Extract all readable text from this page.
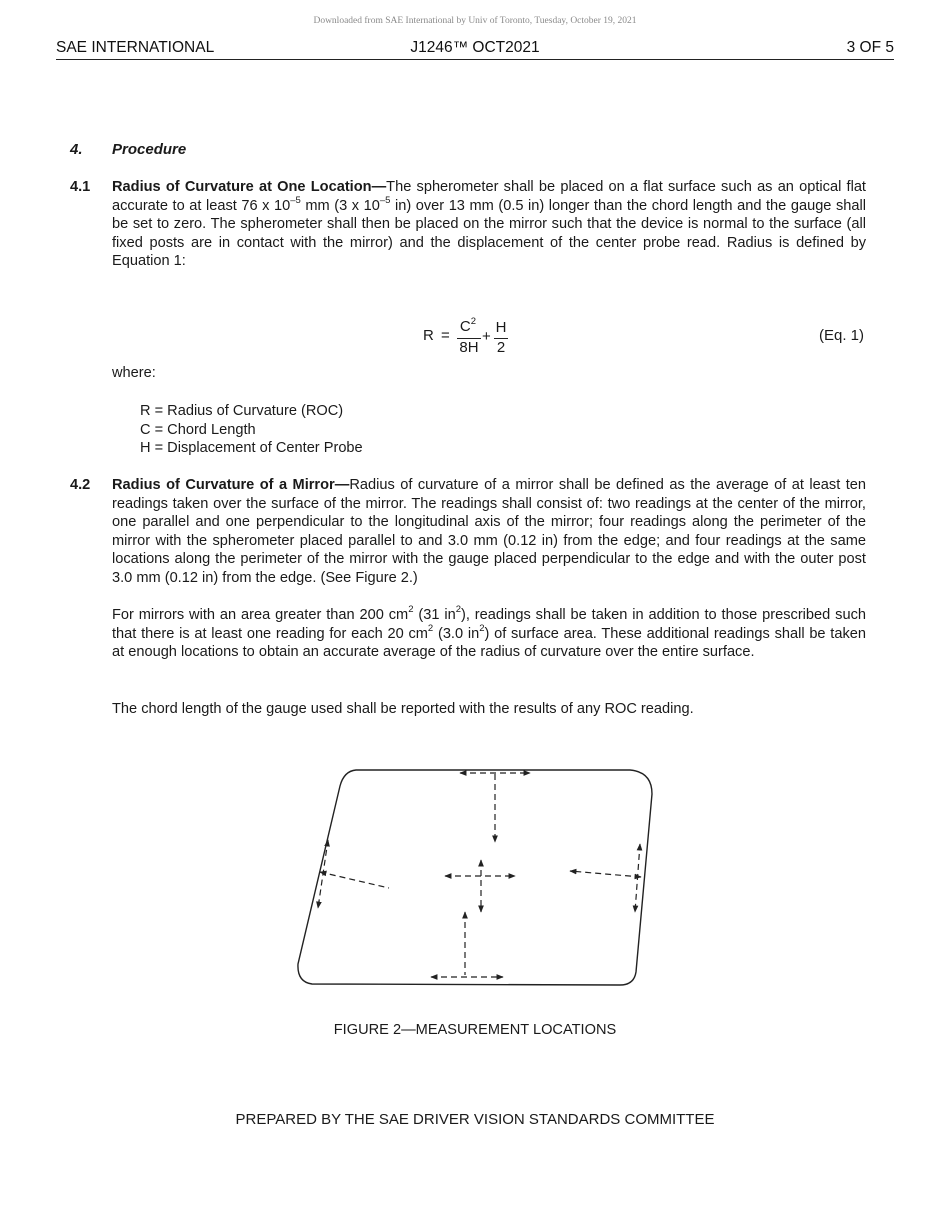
Downloaded from SAE International by Univ of Toronto, Tuesday, October 19, 2021
SAE INTERNATIONAL	J1246™ OCT2021	3 OF 5
4. Procedure
4.1 Radius of Curvature at One Location—The spherometer shall be placed on a flat surface such as an optical flat accurate to at least 76 x $10^{-5}$ mm (3 x $10^{-5}$ in) over 13 mm (0.5 in) longer than the chord length and the gauge shall be set to zero. The spherometer shall then be placed on the mirror such that the device is normal to the surface (all fixed posts are in contact with the mirror) and the displacement of the center probe read. Radius is defined by Equation 1:
R =
$C^2$
8H
+
H
2
(Eq. 1)
where:
R = Radius of Curvature (ROC)
C = Chord Length
H = Displacement of Center Probe
4.2 Radius of Curvature of a Mirror—Radius of curvature of a mirror shall be defined as the average of at least ten readings taken over the surface of the mirror. The readings shall consist of: two readings at the center of the mirror, one parallel and one perpendicular to the longitudinal axis of the mirror; four readings along the perimeter of the mirror with the spherometer placed parallel to and 3.0 mm (0.12 in) from the edge; and four readings at the same locations along the perimeter of the mirror with the gauge placed perpendicular to the edge and with the outer post 3.0 mm (0.12 in) from the edge. (See Figure 2.)
For mirrors with an area greater than 200 $cm^2$ (31 $in^2$), readings shall be taken in addition to those prescribed such that there is at least one reading for each 20 $cm^2$ (3.0 $in^2$) of surface area. These additional readings shall be taken at enough locations to obtain an accurate average of the radius of curvature over the entire surface.
The chord length of the gauge used shall be reported with the results of any ROC reading.
FIGURE 2—MEASUREMENT LOCATIONS
PREPARED BY THE SAE DRIVER VISION STANDARDS COMMITTEE
